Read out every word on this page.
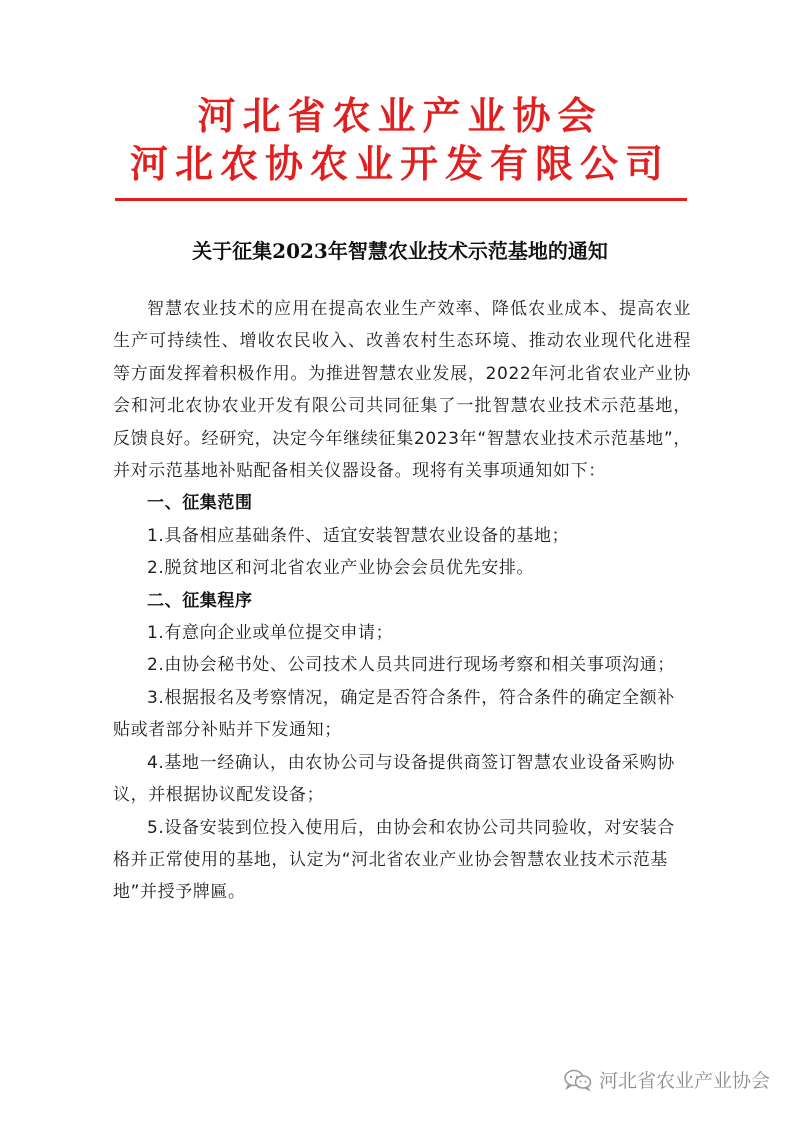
河北省农业产业协会
河北农协农业开发有限公司
关于征集2023年智慧农业技术示范基地的通知

智慧农业技术的应用在提高农业生产效率、降低农业成本、提高农业生产可持续性、增收农民收入、改善农村生态环境、推动农业现代化进程等方面发挥着积极作用。为推进智慧农业发展，2022年河北省农业产业协会和河北农协农业开发有限公司共同征集了一批智慧农业技术示范基地，反馈良好。经研究，决定今年继续征集2023年“智慧农业技术示范基地”，并对示范基地补贴配备相关仪器设备。现将有关事项通知如下：

一、征集范围

1.具备相应基础条件、适宜安装智慧农业设备的基地；

2.脱贫地区和河北省农业产业协会会员优先安排。

二、征集程序

1.有意向企业或单位提交申请；

2.由协会秘书处、公司技术人员共同进行现场考察和相关事项沟通；

3.根据报名及考察情况，确定是否符合条件，符合条件的确定全额补贴或者部分补贴并下发通知；

4.基地一经确认，由农协公司与设备提供商签订智慧农业设备采购协议，并根据协议配发设备；

5.设备安装到位投入使用后，由协会和农协公司共同验收，对安装合格并正常使用的基地，认定为“河北省农业产业协会智慧农业技术示范基地”并授予牌匾。

河北省农业产业协会
